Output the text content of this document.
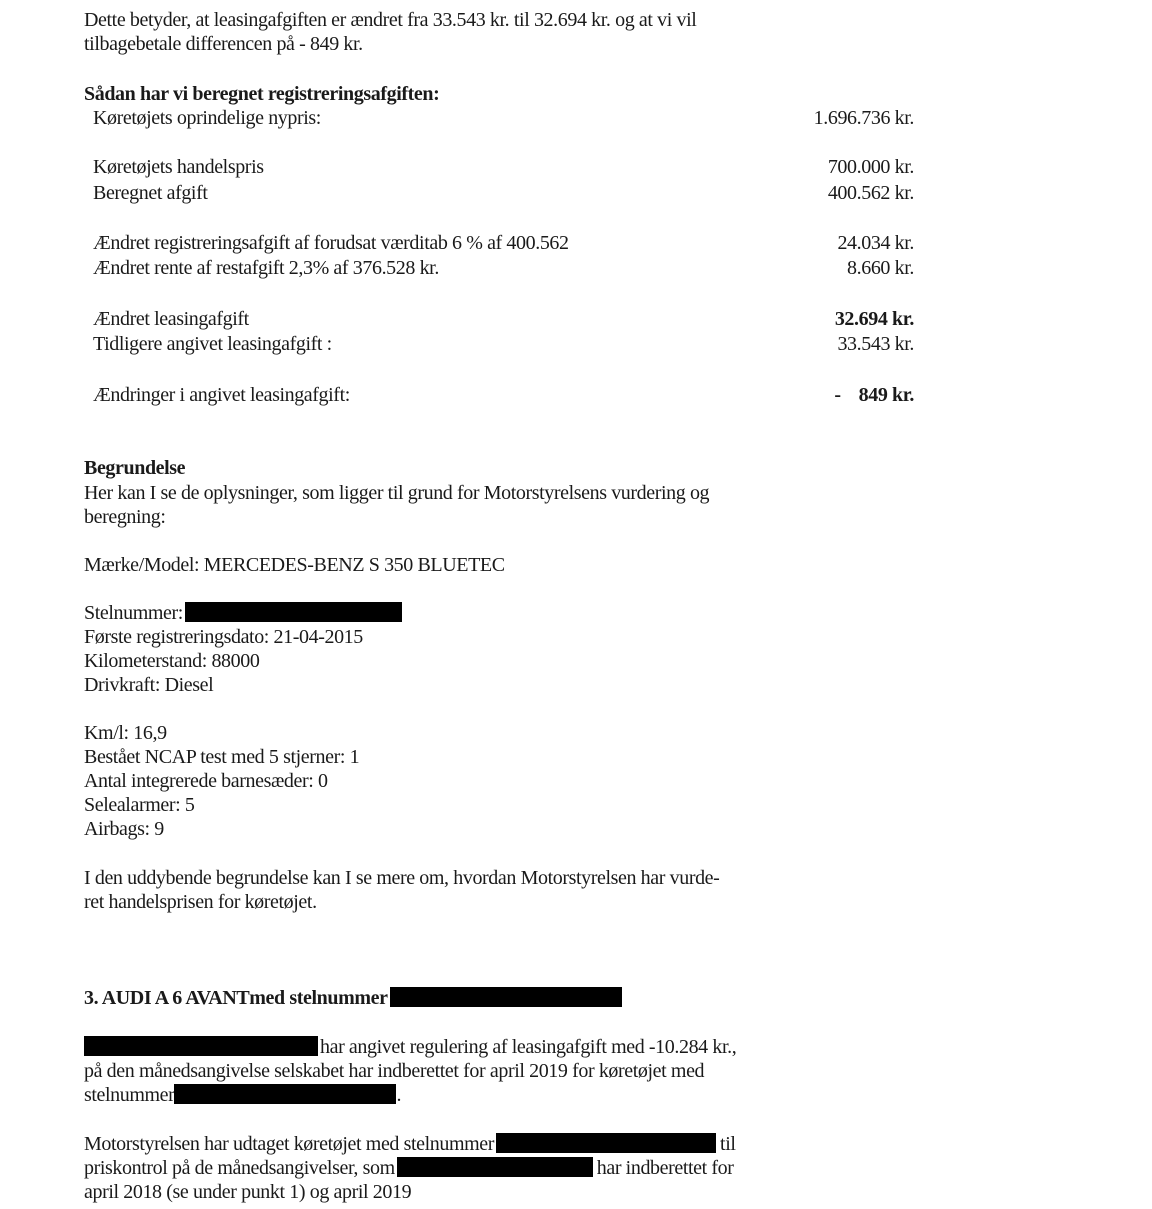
Dette betyder, at leasingafgiften er ændret fra 33.543 kr. til 32.694 kr. og at vi vil
tilbagebetale differencen på - 849 kr.
Sådan har vi beregnet registreringsafgiften:
Køretøjets oprindelige nypris:	1.696.736 kr.
Køretøjets handelspris	700.000 kr.
Beregnet afgift	400.562 kr.
Ændret registreringsafgift af forudsat værditab 6 % af 400.562	24.034 kr.
Ændret rente af restafgift 2,3% af 376.528 kr.	8.660 kr.
Ændret leasingafgift	32.694 kr.
Tidligere angivet leasingafgift :	33.543 kr.
Ændringer i angivet leasingafgift:	- 849 kr.
Begrundelse
Her kan I se de oplysninger, som ligger til grund for Motorstyrelsens vurdering og
beregning:
Mærke/Model: MERCEDES-BENZ S 350 BLUETEC
Stelnummer:
Første registreringsdato: 21-04-2015
Kilometerstand: 88000
Drivkraft: Diesel
Km/l: 16,9
Bestået NCAP test med 5 stjerner: 1
Antal integrerede barnesæder: 0
Selealarmer: 5
Airbags: 9
I den uddybende begrundelse kan I se mere om, hvordan Motorstyrelsen har vurde-
ret handelsprisen for køretøjet.
3. AUDI A 6 AVANTmed stelnummer
har angivet regulering af leasingafgift med -10.284 kr.,
på den månedsangivelse selskabet har indberettet for april 2019 for køretøjet med
stelnummer	.
Motorstyrelsen har udtaget køretøjet med stelnummer	til
priskontrol på de månedsangivelser, som	har indberettet for
april 2018 (se under punkt 1) og april 2019
